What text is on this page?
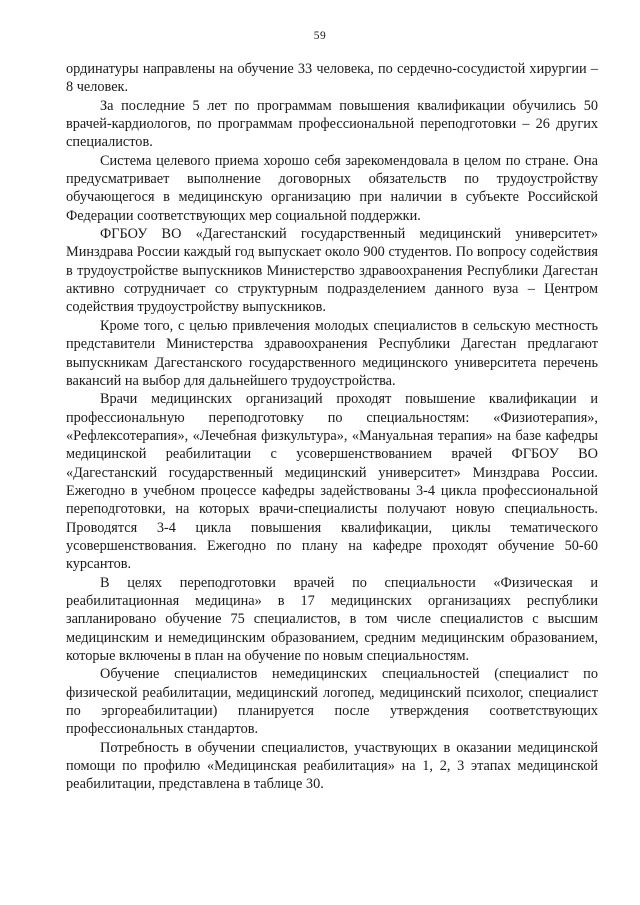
59

ординатуры направлены на обучение 33 человека, по сердечно-сосудистой хирургии – 8 человек.

За последние 5 лет по программам повышения квалификации обучились 50 врачей-кардиологов, по программам профессиональной переподготовки – 26 других специалистов.

Система целевого приема хорошо себя зарекомендовала в целом по стране. Она предусматривает выполнение договорных обязательств по трудоустройству обучающегося в медицинскую организацию при наличии в субъекте Российской Федерации соответствующих мер социальной поддержки.

ФГБОУ ВО «Дагестанский государственный медицинский университет» Минздрава России каждый год выпускает около 900 студентов. По вопросу содействия в трудоустройстве выпускников Министерство здравоохранения Республики Дагестан активно сотрудничает со структурным подразделением данного вуза – Центром содействия трудоустройству выпускников.

Кроме того, с целью привлечения молодых специалистов в сельскую местность представители Министерства здравоохранения Республики Дагестан предлагают выпускникам Дагестанского государственного медицинского университета перечень вакансий на выбор для дальнейшего трудоустройства.

Врачи медицинских организаций проходят повышение квалификации и профессиональную переподготовку по специальностям: «Физиотерапия», «Рефлексотерапия», «Лечебная физкультура», «Мануальная терапия» на базе кафедры медицинской реабилитации с усовершенствованием врачей ФГБОУ ВО «Дагестанский государственный медицинский университет» Минздрава России. Ежегодно в учебном процессе кафедры задействованы 3-4 цикла профессиональной переподготовки, на которых врачи-специалисты получают новую специальность. Проводятся 3-4 цикла повышения квалификации, циклы тематического усовершенствования. Ежегодно по плану на кафедре проходят обучение 50-60 курсантов.

В целях переподготовки врачей по специальности «Физическая и реабилитационная медицина» в 17 медицинских организациях республики запланировано обучение 75 специалистов, в том числе специалистов с высшим медицинским и немедицинским образованием, средним медицинским образованием, которые включены в план на обучение по новым специальностям.

Обучение специалистов немедицинских специальностей (специалист по физической реабилитации, медицинский логопед, медицинский психолог, специалист по эргореабилитации) планируется после утверждения соответствующих профессиональных стандартов.

Потребность в обучении специалистов, участвующих в оказании медицинской помощи по профилю «Медицинская реабилитация» на 1, 2, 3 этапах медицинской реабилитации, представлена в таблице 30.
